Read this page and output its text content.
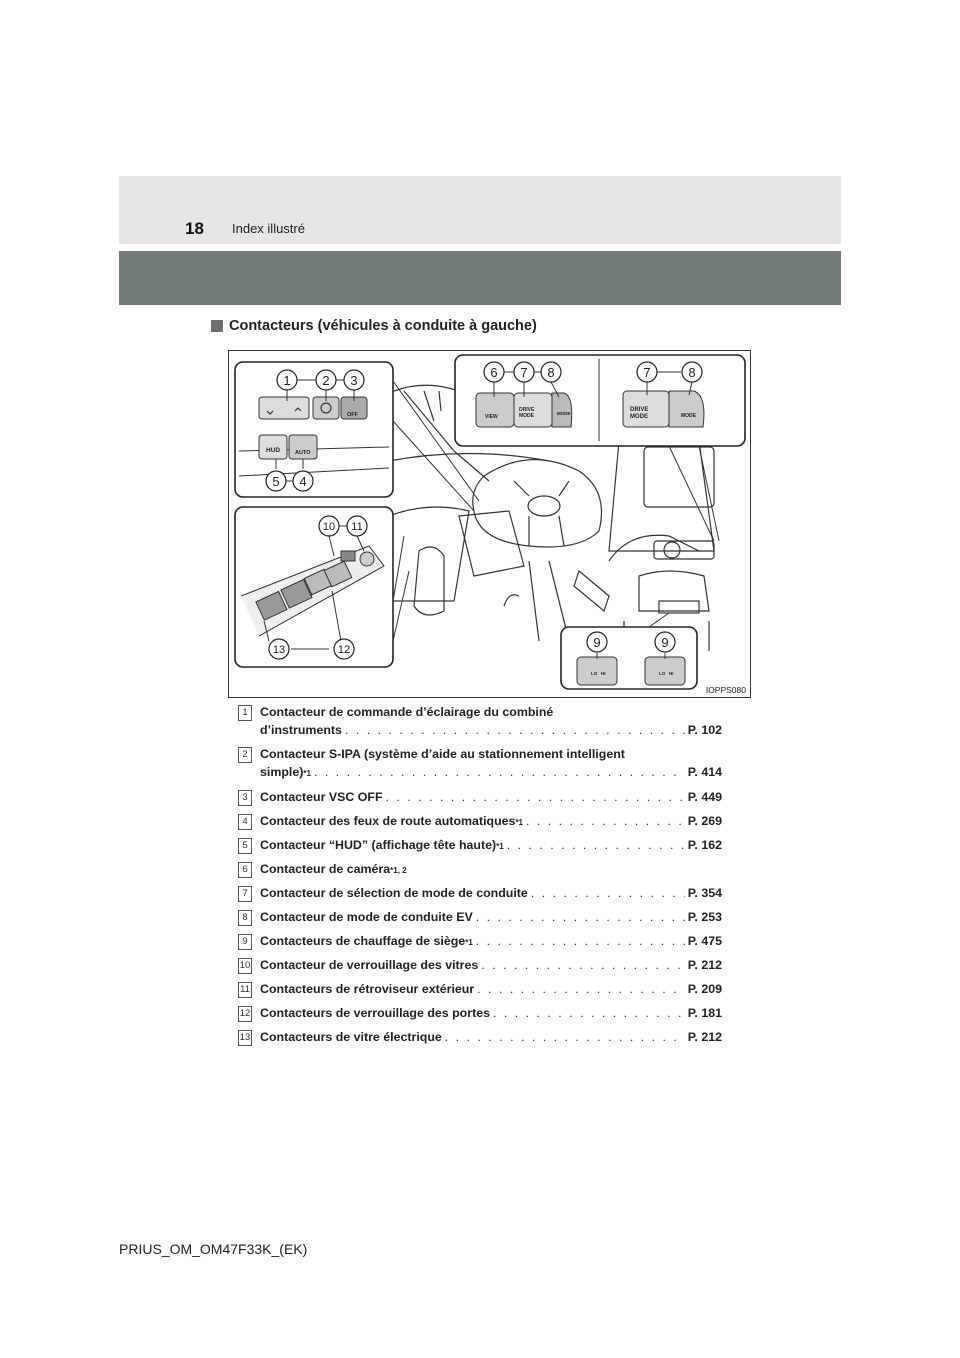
18 Index illustré
Contacteurs (véhicules à conduite à gauche)
HUD	AUTO
OFF	VIEW
DRIVE
MODE
DRIVE
MODE
MODE	MODE
LO HI	LO HI
1 2 3
4
5
6 7 8	7	8
9	9
10 11
12
13
IOPPS080
1 Contacteur de commande d’éclairage du combiné
d’instruments . . .	P. 102
2 Contacteur S-IPA (système d’aide au stationnement intelligent
simple) *1 . . .	P. 414
3 Contacteur VSC OFF . . .	P. 449
4 Contacteur des feux de route automatiques *1 . . .	P. 269
5 Contacteur “HUD” (affichage tête haute) *1 . . .	P. 162
6 Contacteur de caméra *1, 2
7 Contacteur de sélection de mode de conduite . . .	P. 354
8 Contacteur de mode de conduite EV . . .	P. 253
9 Contacteurs de chauffage de siège *1 . . .	P. 475
10 Contacteur de verrouillage des vitres . . .	P. 212
11 Contacteurs de rétroviseur extérieur . . .	P. 209
12 Contacteurs de verrouillage des portes . . .	P. 181
13 Contacteurs de vitre électrique . . .	P. 212
PRIUS_OM_OM47F33K_(EK)
